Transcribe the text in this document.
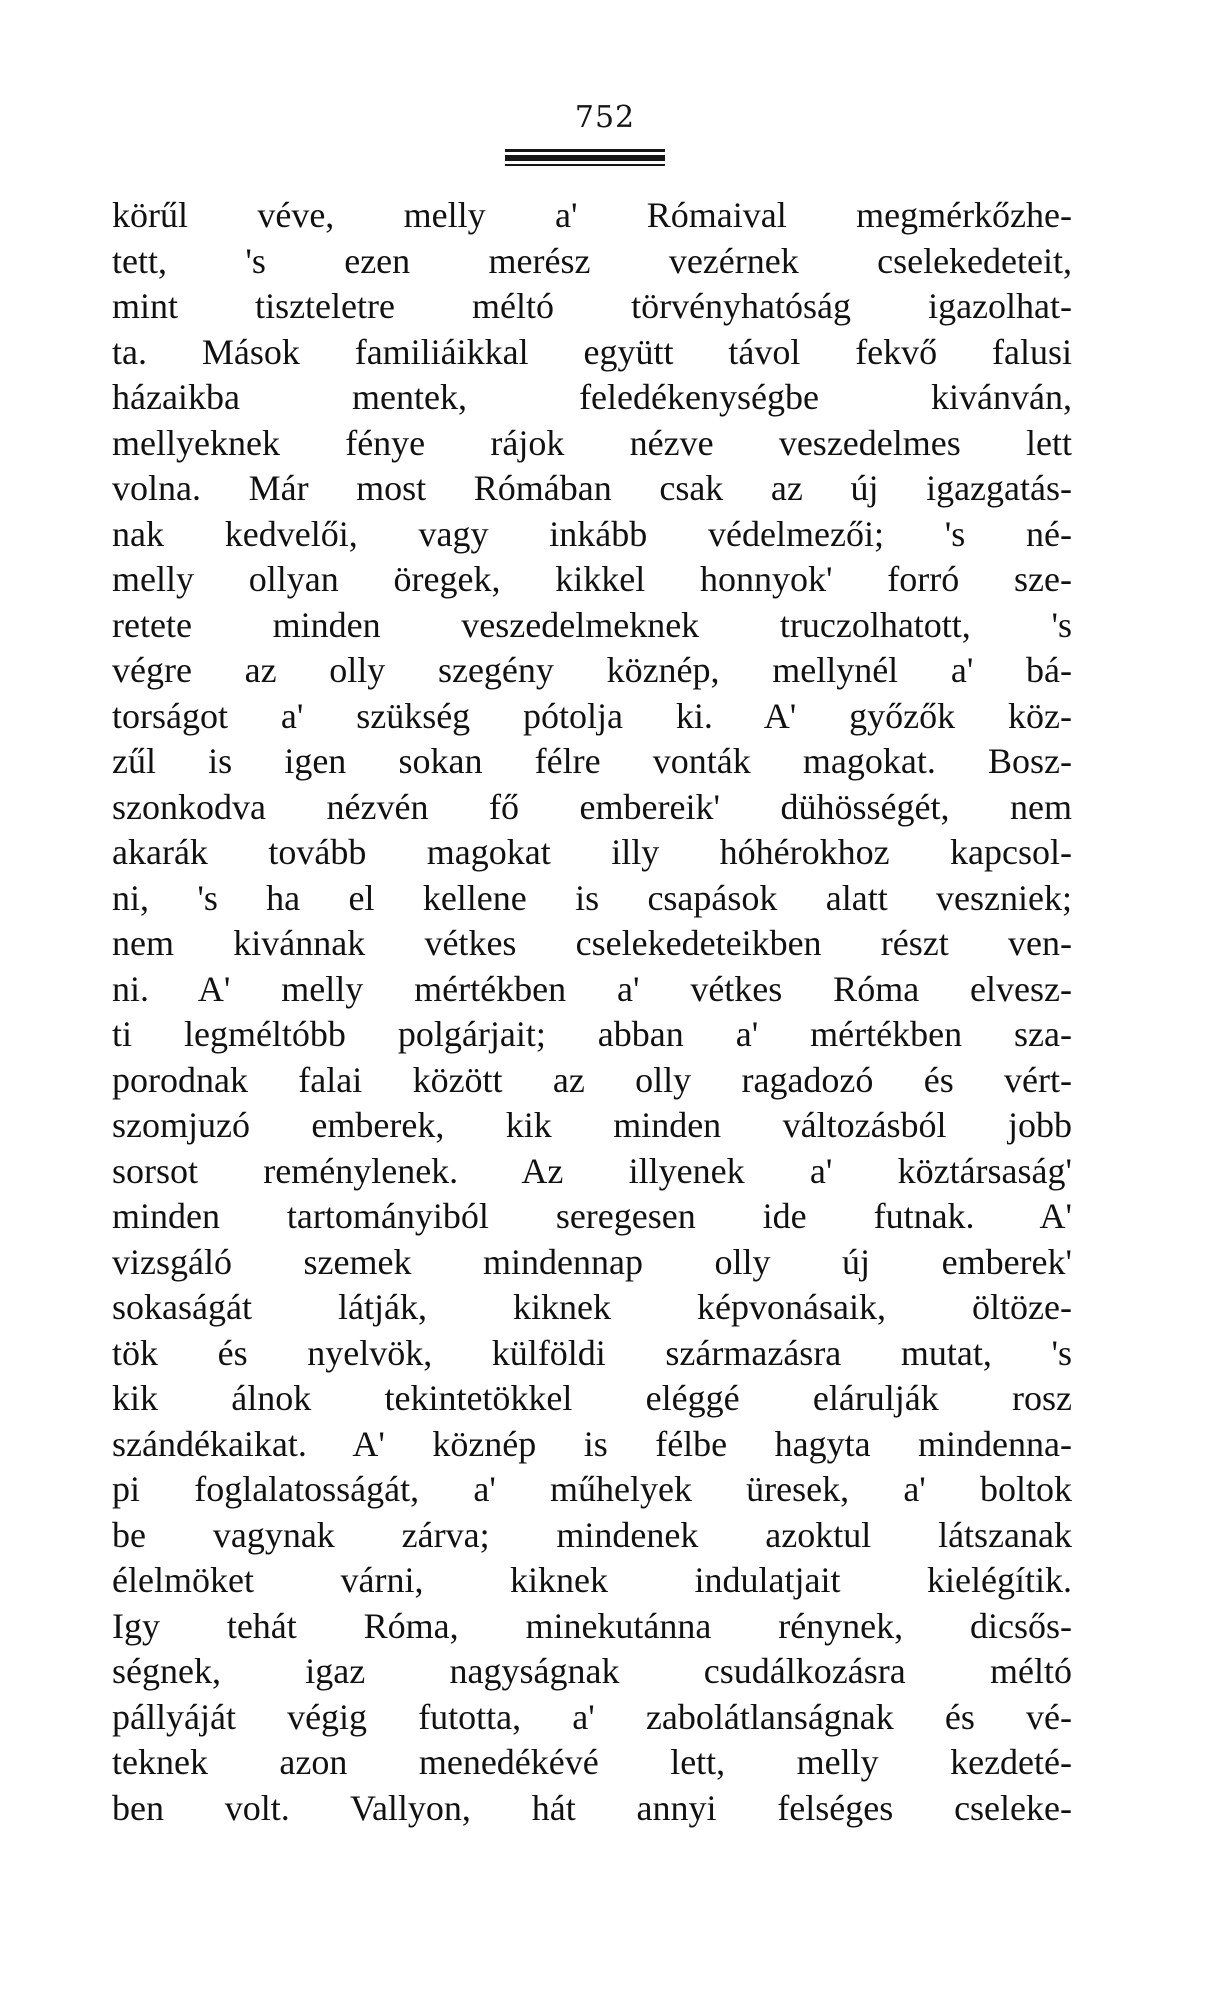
752
körűl véve, melly a' Rómaival megmérkőzhe-
tett, 's ezen merész vezérnek cselekedeteit,
mint tiszteletre méltó törvényhatóság igazolhat-
ta. Mások familiáikkal együtt távol fekvő falusi
házaikba mentek, feledékenységbe kivánván,
mellyeknek fénye rájok nézve veszedelmes lett
volna. Már most Rómában csak az új igazgatás-
nak kedvelői, vagy inkább védelmezői; 's né-
melly ollyan öregek, kikkel honnyok' forró sze-
retete minden veszedelmeknek truczolhatott, 's
végre az olly szegény köznép, mellynél a' bá-
torságot a' szükség pótolja ki. A' győzők köz-
zűl is igen sokan félre vonták magokat. Bosz-
szonkodva nézvén fő embereik' dühösségét, nem
akarák tovább magokat illy hóhérokhoz kapcsol-
ni, 's ha el kellene is csapások alatt veszniek;
nem kivánnak vétkes cselekedeteikben részt ven-
ni. A' melly mértékben a' vétkes Róma elvesz-
ti legméltóbb polgárjait; abban a' mértékben sza-
porodnak falai között az olly ragadozó és vért-
szomjuzó emberek, kik minden változásból jobb
sorsot reménylenek. Az illyenek a' köztársaság'
minden tartományiból seregesen ide futnak. A'
vizsgáló szemek mindennap olly új emberek'
sokaságát látják, kiknek képvonásaik, öltöze-
tök és nyelvök, külföldi származásra mutat, 's
kik álnok tekintetökkel eléggé elárulják rosz
szándékaikat. A' köznép is félbe hagyta mindenna-
pi foglalatosságát, a' műhelyek üresek, a' boltok
be vagynak zárva; mindenek azoktul látszanak
élelmöket várni, kiknek indulatjait kielégítik.
Igy tehát Róma, minekutánna rénynek, dicsős-
ségnek, igaz nagyságnak csudálkozásra méltó
pállyáját végig futotta, a' zabolátlanságnak és vé-
teknek azon menedékévé lett, melly kezdeté-
ben volt. Vallyon, hát annyi felséges cseleke-
